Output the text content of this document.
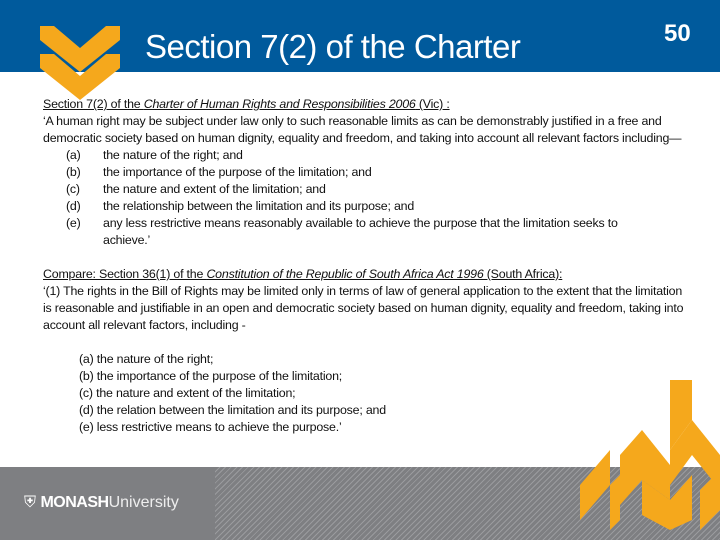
Section 7(2) of the Charter	50
⛨ MONASHUniversity

Section 7(2) of the Charter of Human Rights and Responsibilities 2006 (Vic) :

‘A human right may be subject under law only to such reasonable limits as can be demonstrably justified in a free and democratic society based on human dignity, equality and freedom, and taking into account all relevant factors including—

(a)	the nature of the right; and
(b)	the importance of the purpose of the limitation; and
(c)	the nature and extent of the limitation; and
(d)	the relationship between the limitation and its purpose; and
(e)	any less restrictive means reasonably available to achieve the purpose that the limitation seeks to achieve.’

Compare: Section 36(1) of the Constitution of the Republic of South Africa Act 1996 (South Africa):

‘(1) The rights in the Bill of Rights may be limited only in terms of law of general application to the extent that the limitation is reasonable and justifiable in an open and democratic society based on human dignity, equality and freedom, taking into account all relevant factors, including -

(a) the nature of the right;

(b) the importance of the purpose of the limitation;

(c) the nature and extent of the limitation;

(d) the relation between the limitation and its purpose; and

(e) less restrictive means to achieve the purpose.’
